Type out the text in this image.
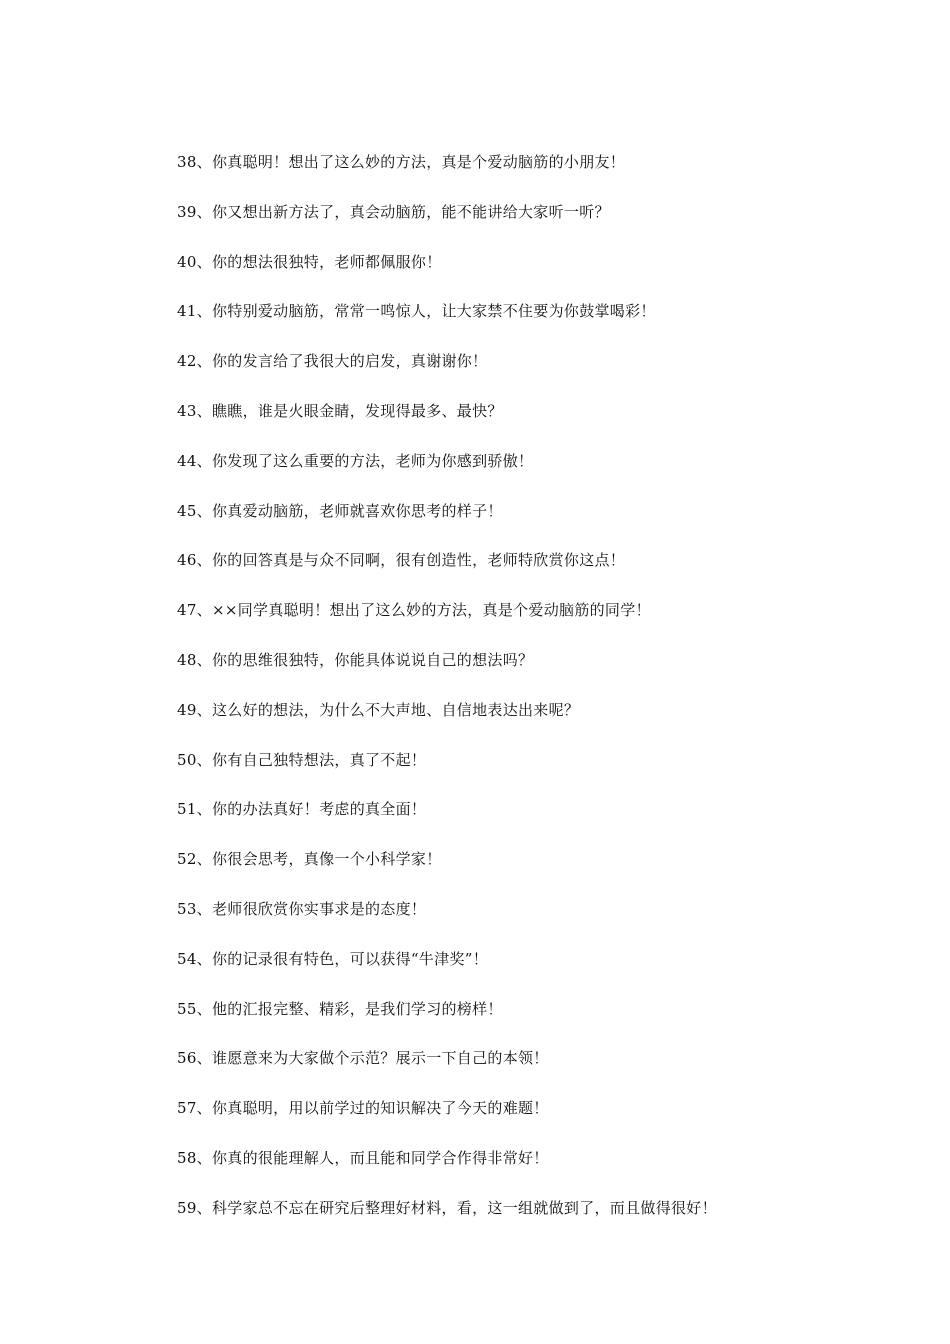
38、你真聪明！想出了这么妙的方法，真是个爱动脑筋的小朋友！
39、你又想出新方法了，真会动脑筋，能不能讲给大家听一听？
40、你的想法很独特，老师都佩服你！
41、你特别爱动脑筋，常常一鸣惊人，让大家禁不住要为你鼓掌喝彩！
42、你的发言给了我很大的启发，真谢谢你！
43、瞧瞧，谁是火眼金睛，发现得最多、最快？
44、你发现了这么重要的方法，老师为你感到骄傲！
45、你真爱动脑筋，老师就喜欢你思考的样子！
46、你的回答真是与众不同啊，很有创造性，老师特欣赏你这点！
47、××同学真聪明！想出了这么妙的方法，真是个爱动脑筋的同学！
48、你的思维很独特，你能具体说说自己的想法吗？
49、这么好的想法，为什么不大声地、自信地表达出来呢？
50、你有自己独特想法，真了不起！
51、你的办法真好！考虑的真全面！
52、你很会思考，真像一个小科学家！
53、老师很欣赏你实事求是的态度！
54、你的记录很有特色，可以获得“牛津奖”！
55、他的汇报完整、精彩，是我们学习的榜样！
56、谁愿意来为大家做个示范？展示一下自己的本领！
57、你真聪明，用以前学过的知识解决了今天的难题！
58、你真的很能理解人，而且能和同学合作得非常好！
59、科学家总不忘在研究后整理好材料，看，这一组就做到了，而且做得很好！
